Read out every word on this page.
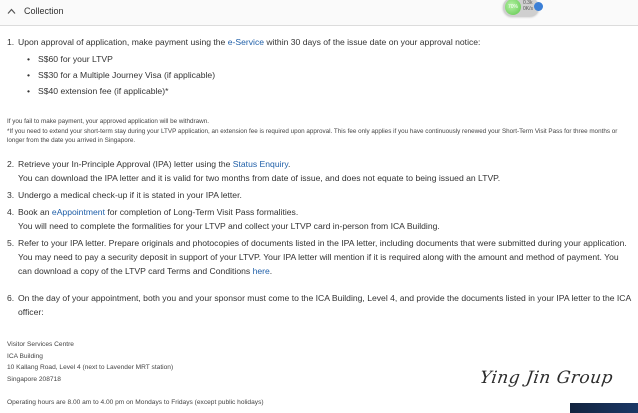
Collection	70%
0.3k
0K/s
1. Upon approval of application, make payment using the e-Service within 30 days of the issue date on your approval notice:
• S$60 for your LTVP
• S$30 for a Multiple Journey Visa (if applicable)
• S$40 extension fee (if applicable)*
If you fail to make payment, your approved application will be withdrawn.
*If you need to extend your short-term stay during your LTVP application, an extension fee is required upon approval. This fee only applies if you have continuously renewed your Short-Term Visit Pass for three months or longer from the date you arrived in Singapore.
2. Retrieve your In-Principle Approval (IPA) letter using the Status Enquiry.
You can download the IPA letter and it is valid for two months from date of issue, and does not equate to being issued an LTVP.
3. Undergo a medical check-up if it is stated in your IPA letter.
4. Book an eAppointment for completion of Long-Term Visit Pass formalities.
You will need to complete the formalities for your LTVP and collect your LTVP card in-person from ICA Building.
5. Refer to your IPA letter. Prepare originals and photocopies of documents listed in the IPA letter, including documents that were submitted during your application.
You may need to pay a security deposit in support of your LTVP. Your IPA letter will mention if it is required along with the amount and method of payment. You can download a copy of the LTVP card Terms and Conditions here.
6. On the day of your appointment, both you and your sponsor must come to the ICA Building, Level 4, and provide the documents listed in your IPA letter to the ICA officer:
Visitor Services Centre
ICA Building
10 Kallang Road, Level 4 (next to Lavender MRT station)
Singapore 208718
Operating hours are 8.00 am to 4.00 pm on Mondays to Fridays (except public holidays)
Ying Jin Group
